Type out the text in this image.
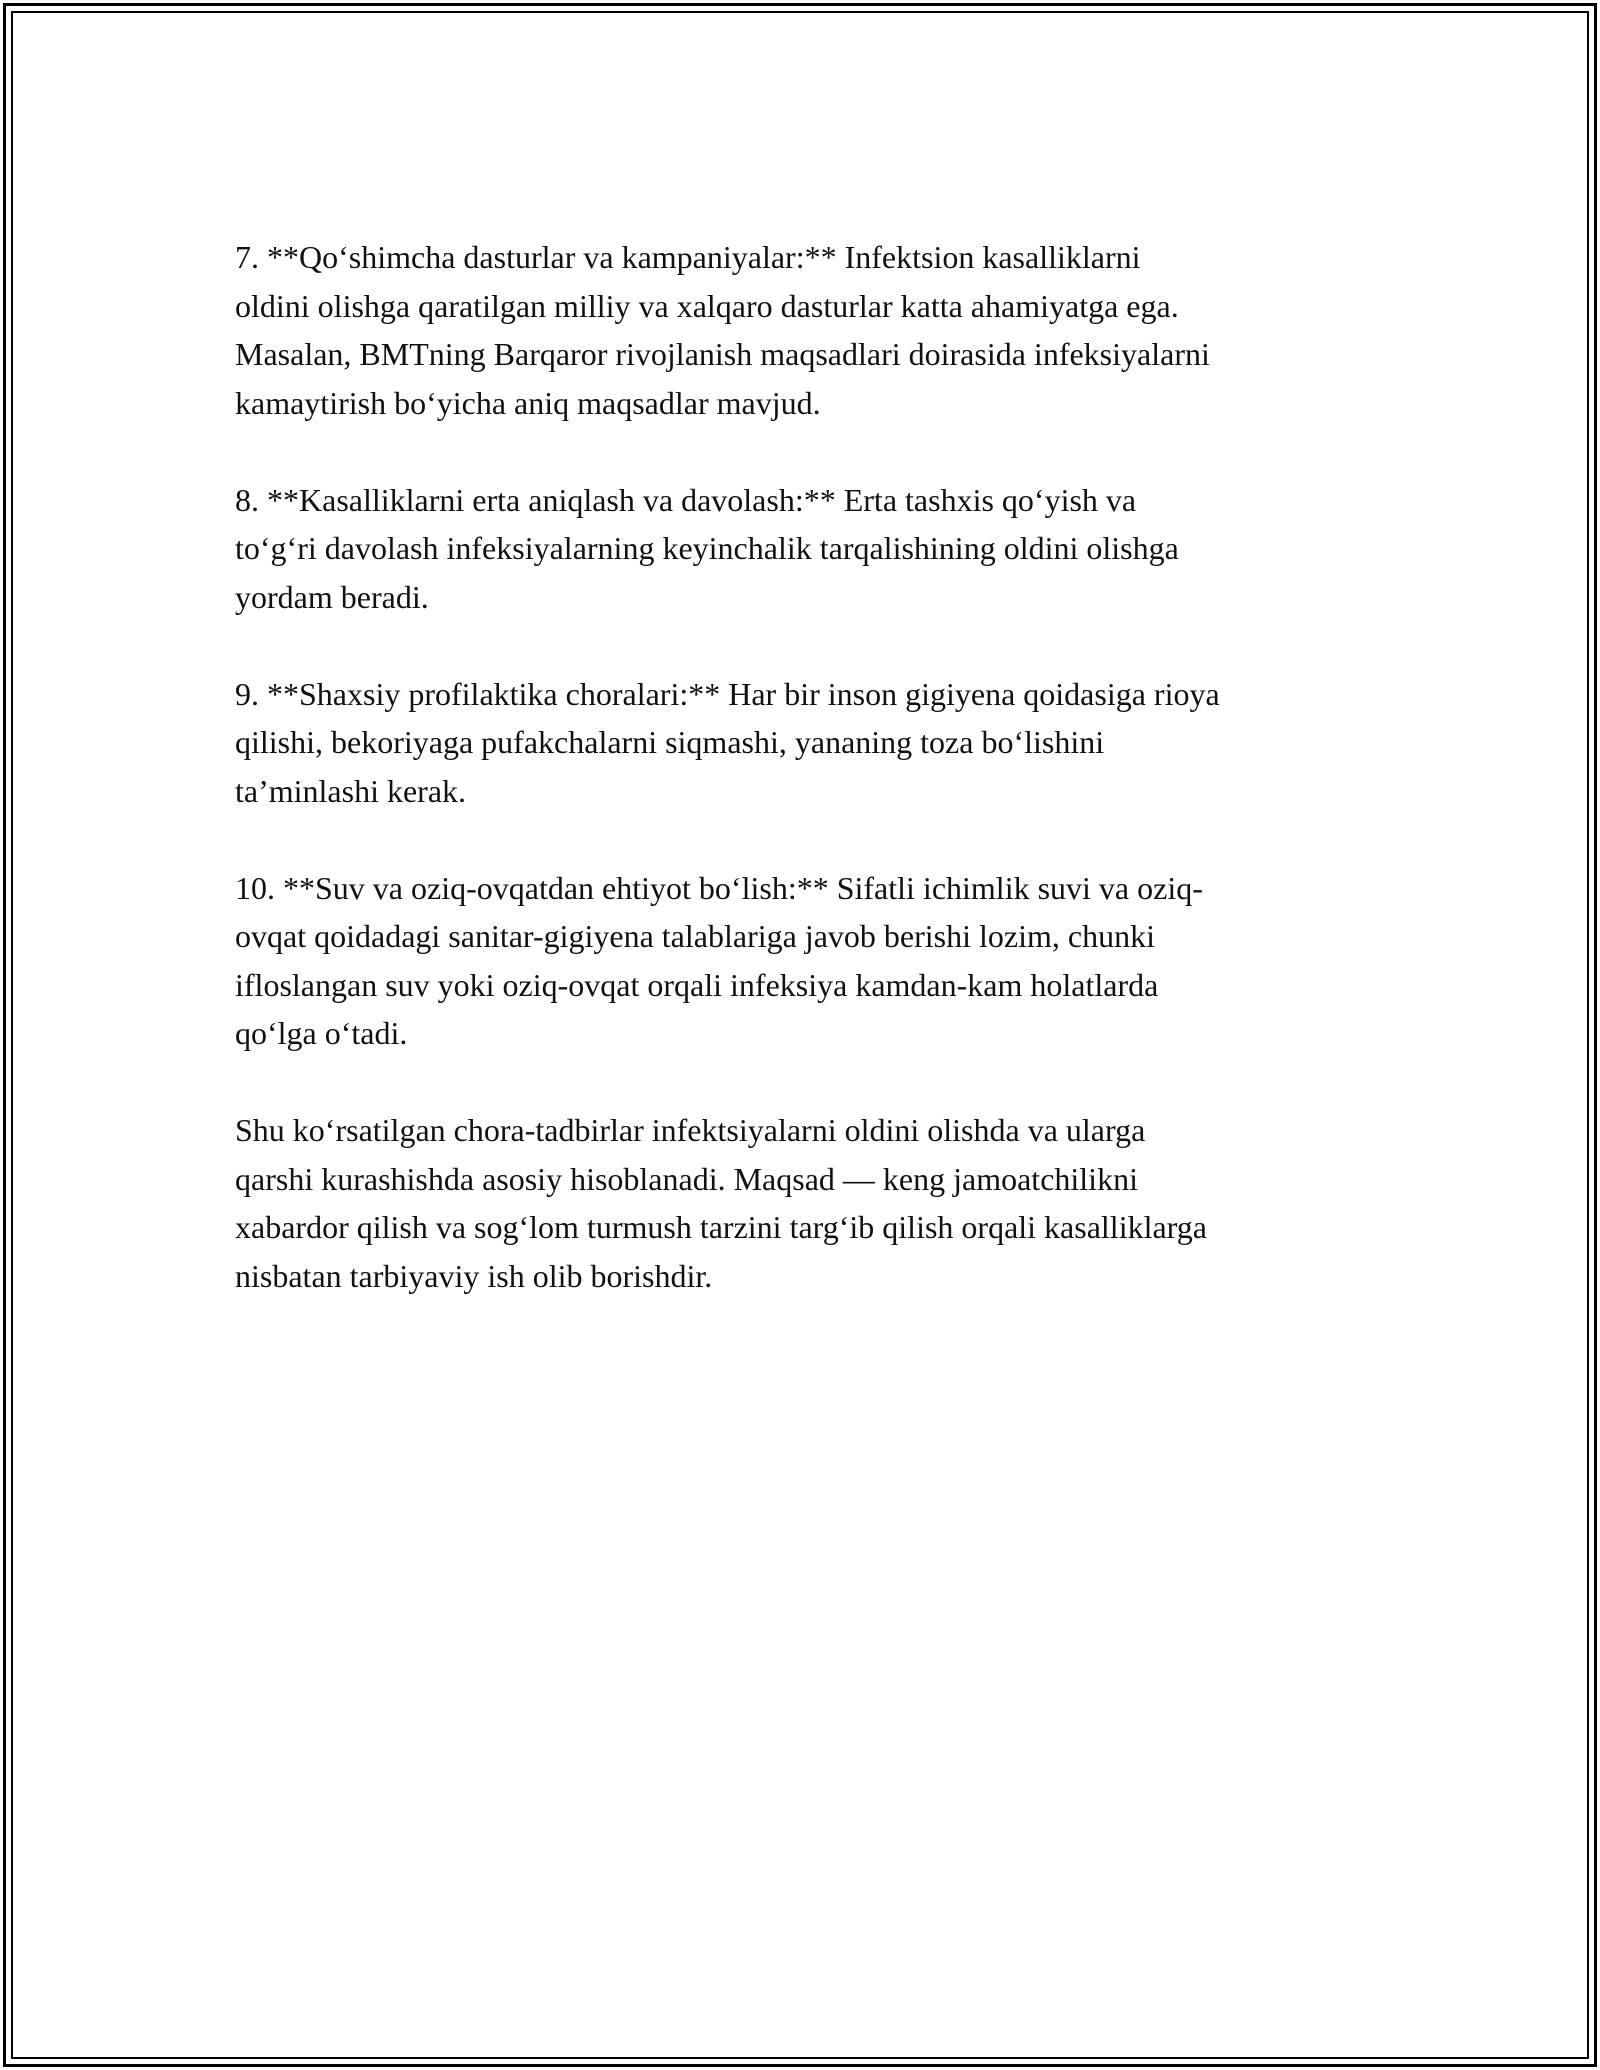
7. **Qo‘shimcha dasturlar va kampaniyalar:** Infektsion kasalliklarni
oldini olishga qaratilgan milliy va xalqaro dasturlar katta ahamiyatga ega.
Masalan, BMTning Barqaror rivojlanish maqsadlari doirasida infeksiyalarni
kamaytirish bo‘yicha aniq maqsadlar mavjud.

8. **Kasalliklarni erta aniqlash va davolash:** Erta tashxis qo‘yish va
to‘g‘ri davolash infeksiyalarning keyinchalik tarqalishining oldini olishga
yordam beradi.

9. **Shaxsiy profilaktika choralari:** Har bir inson gigiyena qoidasiga rioya
qilishi, bekoriyaga pufakchalarni siqmashi, yananing toza bo‘lishini
ta’minlashi kerak.

10. **Suv va oziq-ovqatdan ehtiyot bo‘lish:** Sifatli ichimlik suvi va oziq-
ovqat qoidadagi sanitar-gigiyena talablariga javob berishi lozim, chunki
ifloslangan suv yoki oziq-ovqat orqali infeksiya kamdan-kam holatlarda
qo‘lga o‘tadi.

Shu ko‘rsatilgan chora-tadbirlar infektsiyalarni oldini olishda va ularga
qarshi kurashishda asosiy hisoblanadi. Maqsad — keng jamoatchilikni
xabardor qilish va sog‘lom turmush tarzini targ‘ib qilish orqali kasalliklarga
nisbatan tarbiyaviy ish olib borishdir.
